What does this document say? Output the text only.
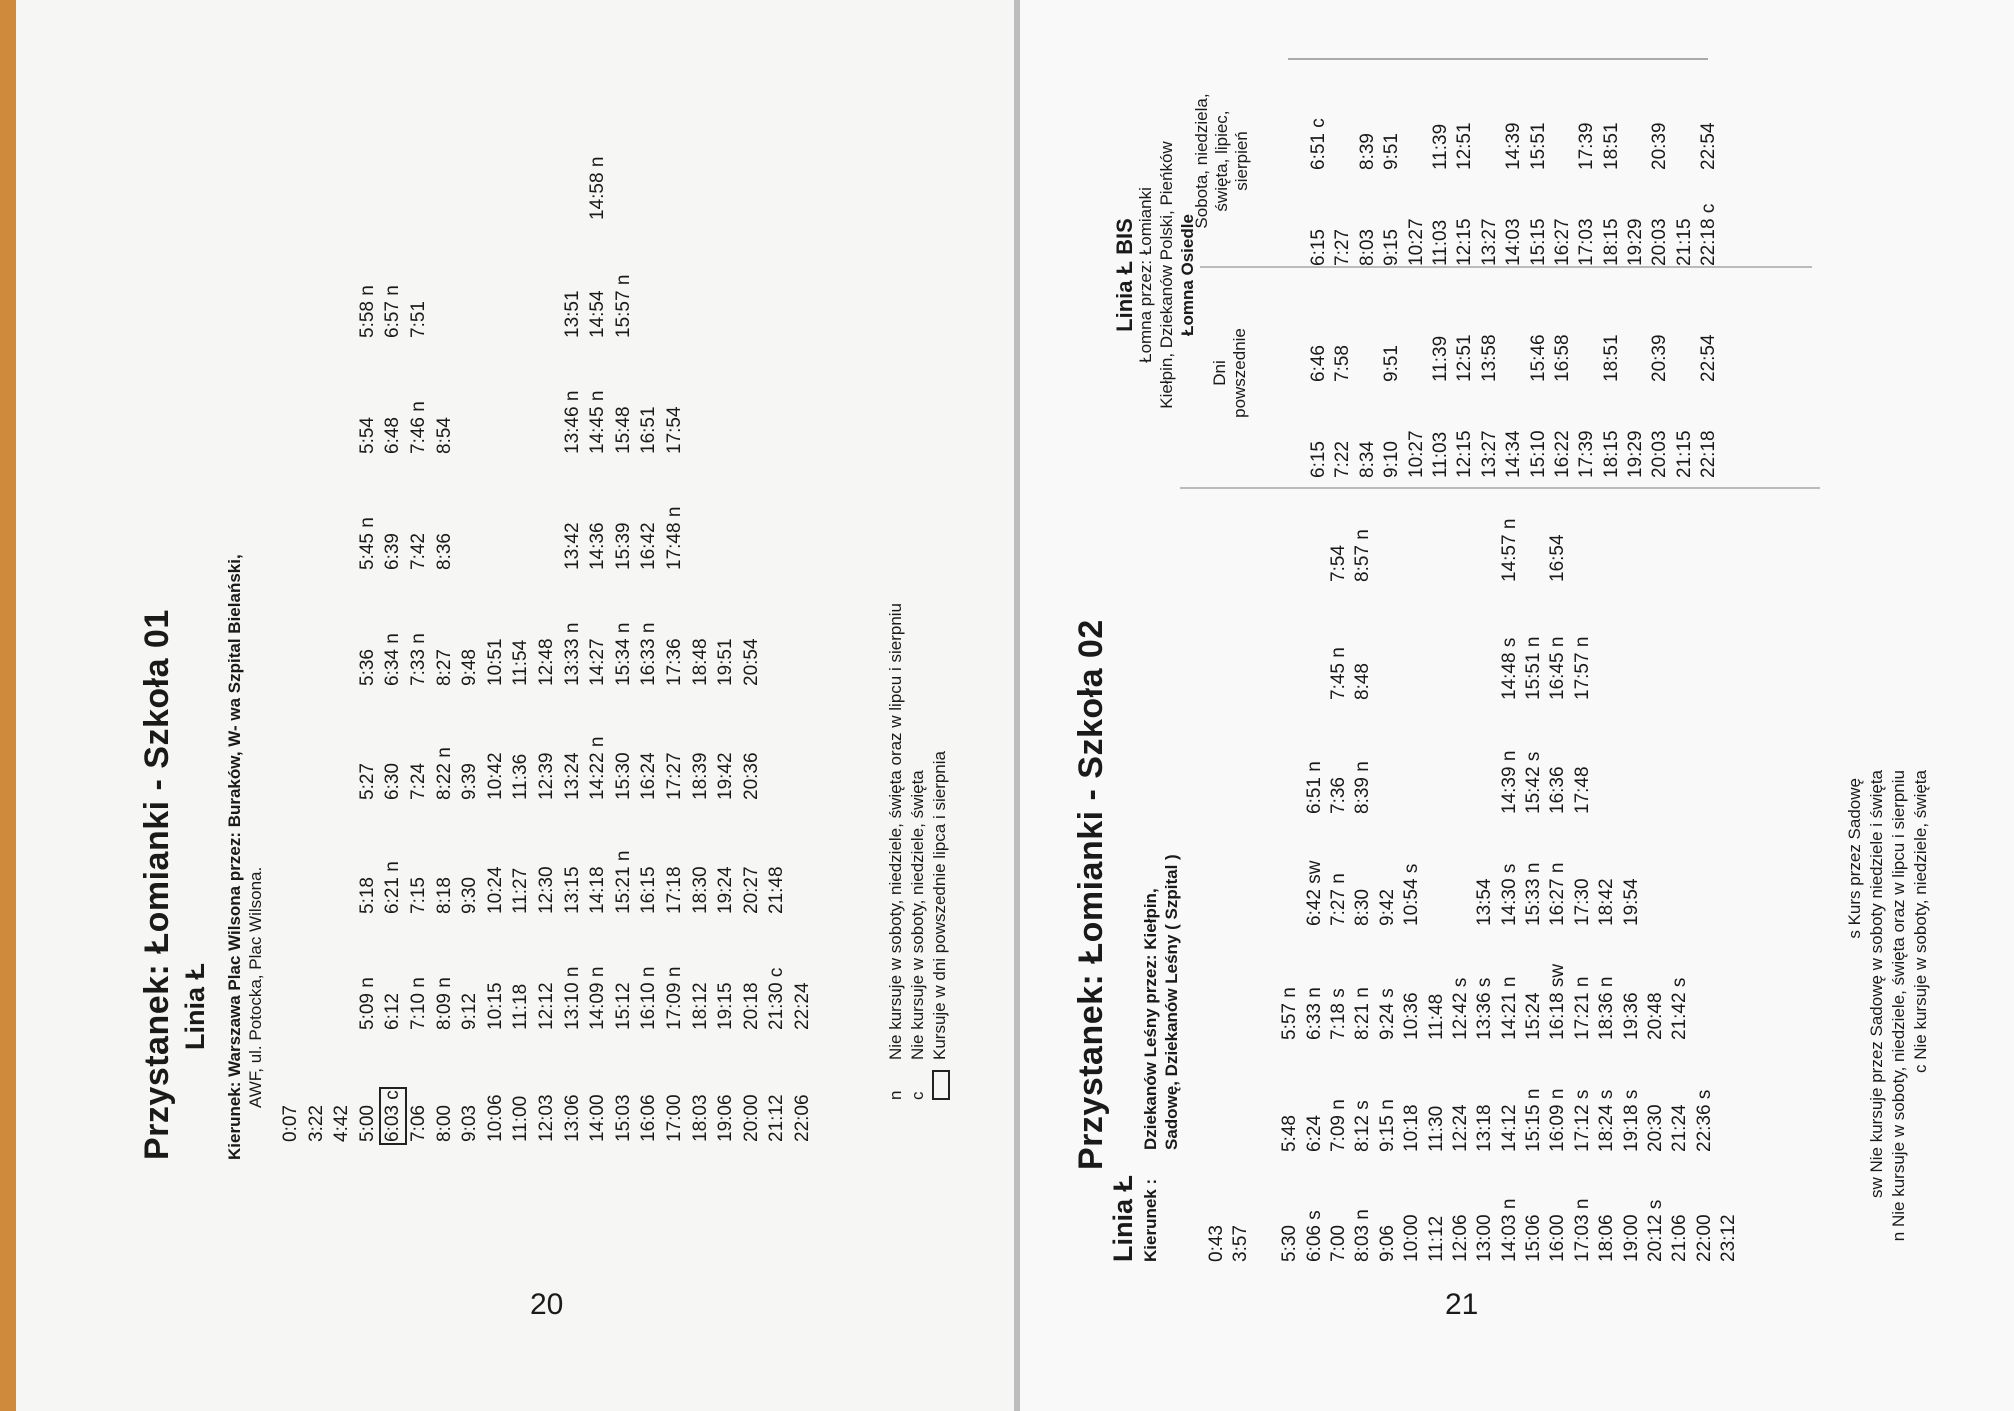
Przystanek: Łomianki - Szkoła 01 Linia Ł Kierunek: Warszawa Plac Wilsona przez: Buraków, W- wa Szpital Bielański, AWF, ul. Potocka, Plac Wilsona.
0:07 3:22 4:42 5:00
5:09 n
5:18
5:27
5:36
5:45 n
5:54
5:58 n
6:03 c
6:12
6:21 n
6:30
6:34 n
6:39
6:48
6:57 n
7:06
7:10 n
7:15
7:24
7:33 n
7:42
7:46 n
7:51
8:00
8:09 n
8:18
8:22 n
8:27
8:36
8:54
9:03
9:12
9:30
9:39
9:48
10:06
10:15
10:24
10:42
10:51
11:00
11:18
11:27
11:36
11:54
12:03
12:12
12:30
12:39
12:48
13:06
13:10 n
13:15
13:24
13:33 n
13:42
13:46 n
13:51
14:00
14:09 n
14:18
14:22 n
14:27
14:36
14:45 n
14:54
14:58 n
15:03
15:12
15:21 n
15:30
15:34 n
15:39
15:48
15:57 n
16:06
16:10 n
16:15
16:24
16:33 n
16:42
16:51
17:00
17:09 n
17:18
17:27
17:36
17:48 n
17:54
18:03
18:12
18:30
18:39
18:48
19:06
19:15
19:24
19:42
19:51
20:00
20:18
20:27
20:36
20:54
21:12
21:30 c
21:48
22:06
22:24
n
Nie kursuje w soboty, niedziele, święta oraz w lipcu i sierpniu
c
Nie kursuje w soboty, niedziele, święta Kursuje w dni powszednie lipca i sierpnia
20
Przystanek: Łomianki - Szkoła 02
Linia Ł Kierunek :
Dziekanów Leśny przez: Kiełpin, Sadowę, Dziekanów Leśny ( Szpital )
0:43 3:57 5:30
5:48
5:57 n
6:06 s
6:24
6:33 n
6:42 sw
6:51 n
7:00
7:09 n
7:18 s
7:27 n
7:36
7:45 n
7:54
8:03 n
8:12 s
8:21 n
8:30
8:39 n
8:48
8:57 n
9:06
9:15 n
9:24 s
9:42
10:00
10:18
10:36
10:54 s
11:12
11:30
11:48
12:06
12:24
12:42 s
13:00
13:18
13:36 s
13:54
14:03 n
14:12
14:21 n
14:30 s
14:39 n
14:48 s
14:57 n
15:06
15:15 n
15:24
15:33 n
15:42 s
15:51 n
16:00
16:09 n
16:18 sw
16:27 n
16:36
16:45 n
16:54
17:03 n
17:12 s
17:21 n
17:30
17:48
17:57 n
18:06
18:24 s
18:36 n
18:42
19:00
19:18 s
19:36
19:54
20:12 s
20:30
20:48
21:06
21:24
21:42 s
22:00
22:36 s
23:12
s Kurs przez Sadowę sw Nie kursuje przez Sadowę w soboty niedziele i święta n Nie kursuje w soboty, niedziele, święta oraz w lipcu i sierpniu c Nie kursuje w soboty, niedziele, święta
Linia Ł BIS Łomna przez: Łomianki Kiełpin, Dziekanów Polski, Pieńków Łomna Osiedle
Dni powszednie
Sobota, niedziela, święta, lipiec, sierpień
6:15
6:46
6:15
6:51 c
7:22
7:58
7:27
8:34
8:03
8:39
9:10
9:51
9:15
9:51
10:27
10:27
11:03
11:39
11:03
11:39
12:15
12:51
12:15
12:51
13:27
13:58
13:27
14:34
14:03
14:39
15:10
15:46
15:15
15:51
16:22
16:58
16:27
17:39
17:03
17:39
18:15
18:51
18:15
18:51
19:29
19:29
20:03
20:39
20:03
20:39
21:15
21:15
22:18
22:54
22:18 c
22:54
21
